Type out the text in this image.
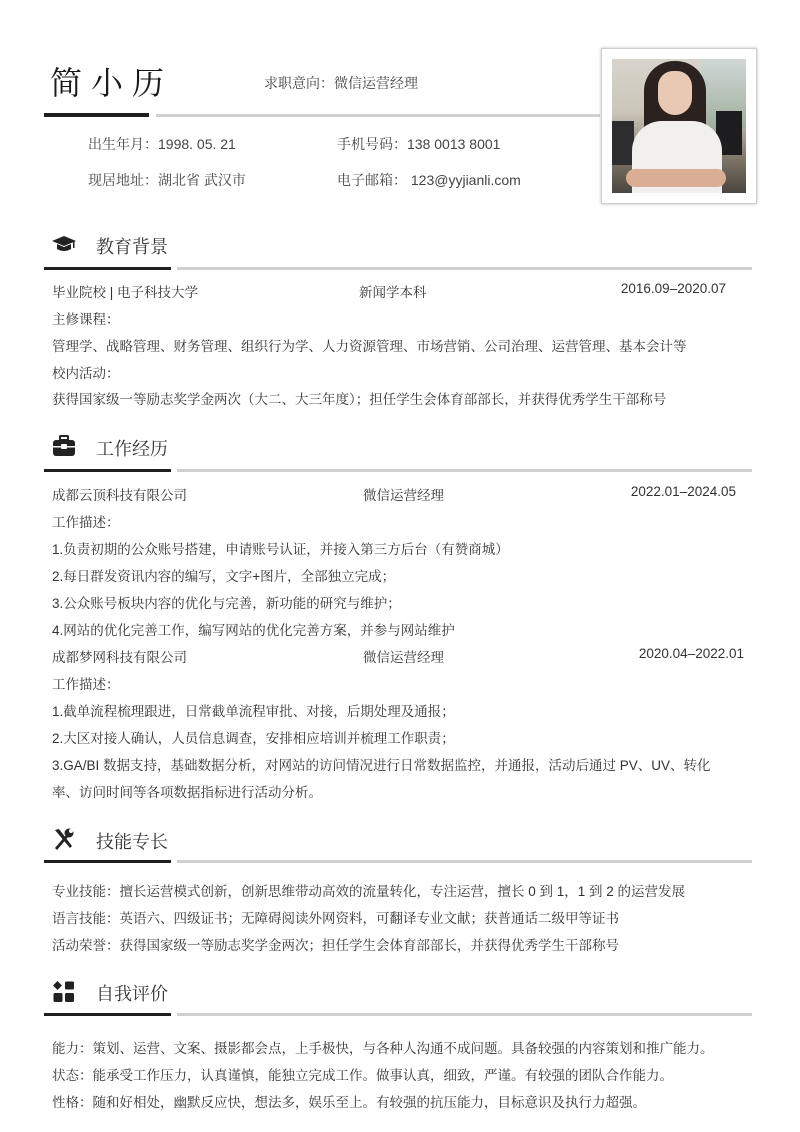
简小历	求职意向：微信运营经理
出生年月：1998. 05. 21	手机号码：138 0013 8001
现居地址：湖北省 武汉市	电子邮箱： 123@yyjianli.com
教育背景
毕业院校 | 电子科技大学	新闻学本科	2016.09–2020.07
主修课程：
管理学、战略管理、财务管理、组织行为学、人力资源管理、市场营销、公司治理、运营管理、基本会计等
校内活动：
获得国家级一等励志奖学金两次（大二、大三年度）；担任学生会体育部部长，并获得优秀学生干部称号
工作经历
成都云顶科技有限公司	微信运营经理	2022.01–2024.05
工作描述：
1.负责初期的公众账号搭建，申请账号认证，并接入第三方后台（有赞商城）
2.每日群发资讯内容的编写，文字+图片，全部独立完成；
3.公众账号板块内容的优化与完善，新功能的研究与维护；
4.网站的优化完善工作，编写网站的优化完善方案，并参与网站维护
成都梦网科技有限公司	微信运营经理	2020.04–2022.01
工作描述：
1.截单流程梳理跟进，日常截单流程审批、对接，后期处理及通报；
2.大区对接人确认，人员信息调查，安排相应培训并梳理工作职责；
3.GA/BI 数据支持，基础数据分析，对网站的访问情况进行日常数据监控，并通报，活动后通过 PV、UV、转化
率、访问时间等各项数据指标进行活动分析。
技能专长
专业技能：擅长运营模式创新，创新思维带动高效的流量转化，专注运营，擅长 0 到 1，1 到 2 的运营发展
语言技能：英语六、四级证书；无障碍阅读外网资料，可翻译专业文献；获普通话二级甲等证书
活动荣誉：获得国家级一等励志奖学金两次；担任学生会体育部部长，并获得优秀学生干部称号
自我评价
能力：策划、运营、文案、摄影都会点，上手极快，与各种人沟通不成问题。具备较强的内容策划和推广能力。
状态：能承受工作压力，认真谨慎，能独立完成工作。做事认真，细致，严谨。有较强的团队合作能力。
性格：随和好相处，幽默反应快，想法多，娱乐至上。有较强的抗压能力，目标意识及执行力超强。
